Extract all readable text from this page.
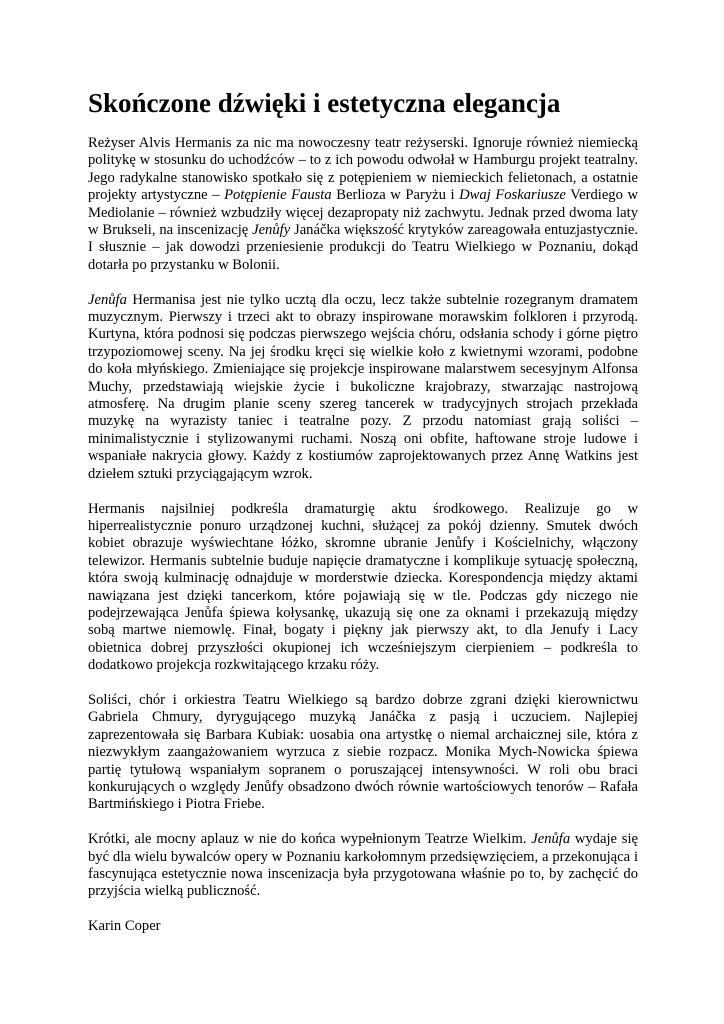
Skończone dźwięki i estetyczna elegancja

Reżyser Alvis Hermanis za nic ma nowoczesny teatr reżyserski. Ignoruje również niemiecką politykę w stosunku do uchodźców – to z ich powodu odwołał w Hamburgu projekt teatralny. Jego radykalne stanowisko spotkało się z potępieniem w niemieckich felietonach, a ostatnie projekty artystyczne – Potępienie Fausta Berlioza w Paryżu i Dwaj Foskariusze Verdiego w Mediolanie – również wzbudziły więcej dezapropaty niż zachwytu. Jednak przed dwoma laty w Brukseli, na inscenizację Jenůfy Janáčka większość krytyków zareagowała entuzjastycznie. I słusznie – jak dowodzi przeniesienie produkcji do Teatru Wielkiego w Poznaniu, dokąd dotarła po przystanku w Bolonii.

Jenůfa Hermanisa jest nie tylko ucztą dla oczu, lecz także subtelnie rozegranym dramatem muzycznym. Pierwszy i trzeci akt to obrazy inspirowane morawskim folkloren i przyrodą. Kurtyna, która podnosi się podczas pierwszego wejścia chóru, odsłania schody i górne piętro trzypoziomowej sceny. Na jej środku kręci się wielkie koło z kwietnymi wzorami, podobne do koła młyńskiego. Zmieniające się projekcje inspirowane malarstwem secesyjnym Alfonsa Muchy, przedstawiają wiejskie życie i bukoliczne krajobrazy, stwarzając nastrojową atmosferę. Na drugim planie sceny szereg tancerek w tradycyjnych strojach przekłada muzykę na wyrazisty taniec i teatralne pozy. Z przodu natomiast grają soliści – minimalistycznie i stylizowanymi ruchami. Noszą oni obfite, haftowane stroje ludowe i wspaniałe nakrycia głowy. Każdy z kostiumów zaprojektowanych przez Annę Watkins jest dziełem sztuki przyciągającym wzrok.

Hermanis najsilniej podkreśla dramaturgię aktu środkowego. Realizuje go w hiperrealistycznie ponuro urządzonej kuchni, służącej za pokój dzienny. Smutek dwóch kobiet obrazuje wyświechtane łóżko, skromne ubranie Jenůfy i Kościelnichy, włączony telewizor. Hermanis subtelnie buduje napięcie dramatyczne i komplikuje sytuację społeczną, która swoją kulminację odnajduje w morderstwie dziecka. Korespondencja między aktami nawiązana jest dzięki tancerkom, które pojawiają się w tle. Podczas gdy niczego nie podejrzewająca Jenůfa śpiewa kołysankę, ukazują się one za oknami i przekazują między sobą martwe niemowlę. Finał, bogaty i piękny jak pierwszy akt, to dla Jenufy i Lacy obietnica dobrej przyszłości okupionej ich wcześniejszym cierpieniem – podkreśla to dodatkowo projekcja rozkwitającego krzaku róży.

Soliści, chór i orkiestra Teatru Wielkiego są bardzo dobrze zgrani dzięki kierownictwu Gabriela Chmury, dyrygującego muzyką Janáčka z pasją i uczuciem. Najlepiej zaprezentowała się Barbara Kubiak: uosabia ona artystkę o niemal archaicznej sile, która z niezwykłym zaangażowaniem wyrzuca z siebie rozpacz. Monika Mych-Nowicka śpiewa partię tytułową wspaniałym sopranem o poruszającej intensywności. W roli obu braci konkurujących o względy Jenůfy obsadzono dwóch równie wartościowych tenorów – Rafała Bartmińskiego i Piotra Friebe.

Krótki, ale mocny aplauz w nie do końca wypełnionym Teatrze Wielkim. Jenůfa wydaje się być dla wielu bywalców opery w Poznaniu karkołomnym przedsięwzięciem, a przekonująca i fascynująca estetycznie nowa inscenizacja była przygotowana właśnie po to, by zachęcić do przyjścia wielką publiczność.

Karin Coper
